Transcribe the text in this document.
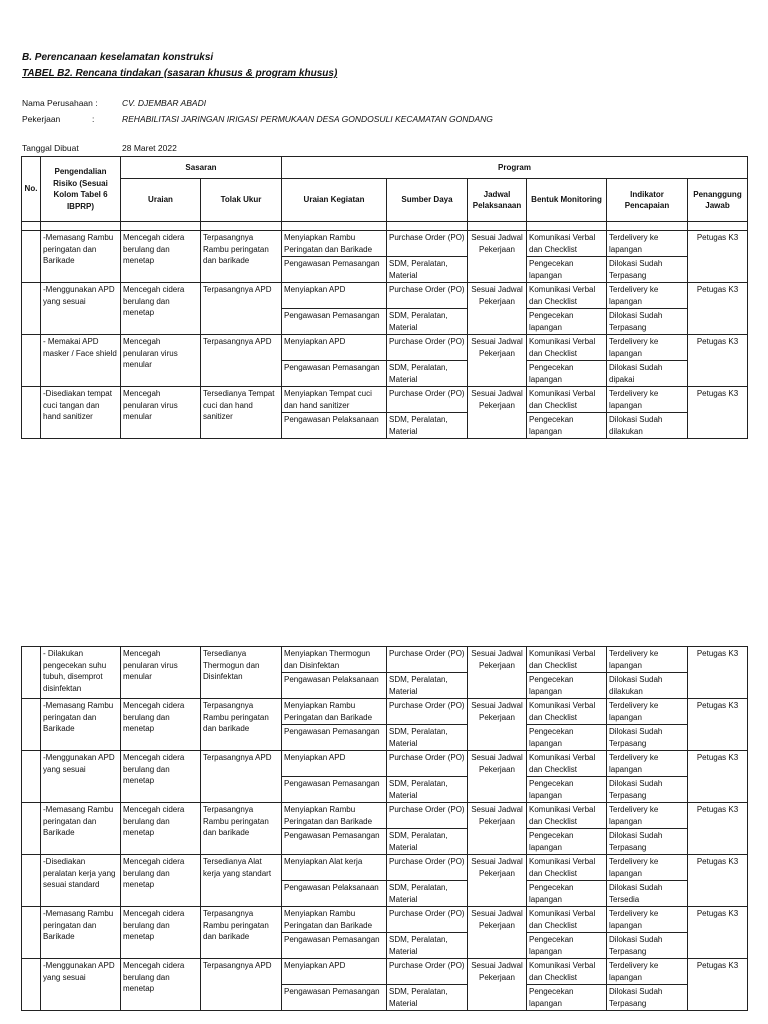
B. Perencanaan keselamatan konstruksi
TABEL B2. Rencana tindakan (sasaran khusus & program khusus)
Nama Perusahaan :	CV. DJEMBAR ABADI
Pekerjaan	:	REHABILITASI JARINGAN IRIGASI PERMUKAAN DESA GONDOSULI KECAMATAN GONDANG
Tanggal Dibuat	28 Maret 2022
No.	Pengendalian Risiko (Sesuai Kolom Tabel 6 IBPRP)	Sasaran		Program					
		Uraian	Tolak Ukur	Uraian Kegiatan	Sumber Daya	Jadwal Pelaksanaan	Bentuk Monitoring	Indikator Pencapaian	Penanggung Jawab

	-Memasang Rambu peringatan dan Barikade	Mencegah cidera berulang dan menetap	Terpasangnya Rambu peringatan dan barikade	Menyiapkan Rambu Peringatan dan Barikade	Purchase Order (PO)	Sesuai Jadwal Pekerjaan	Komunikasi Verbal dan Checklist	Terdelivery ke lapangan	Petugas K3
				Pengawasan Pemasangan	SDM, Peralatan, Material		Pengecekan lapangan	Dilokasi Sudah Terpasang	
	-Menggunakan APD yang sesuai	Mencegah cidera berulang dan menetap	Terpasangnya APD	Menyiapkan APD	Purchase Order (PO)	Sesuai Jadwal Pekerjaan	Komunikasi Verbal dan Checklist	Terdelivery ke lapangan	Petugas K3
				Pengawasan Pemasangan	SDM, Peralatan, Material		Pengecekan lapangan	Dilokasi Sudah Terpasang	
	- Memakai APD masker / Face shield	Mencegah penularan virus menular	Terpasangnya APD	Menyiapkan APD	Purchase Order (PO)	Sesuai Jadwal Pekerjaan	Komunikasi Verbal dan Checklist	Terdelivery ke lapangan	Petugas K3
				Pengawasan Pemasangan	SDM, Peralatan, Material		Pengecekan lapangan	Dilokasi Sudah dipakai	
	-Disediakan tempat cuci tangan dan hand sanitizer	Mencegah penularan virus menular	Tersedianya Tempat cuci dan hand sanitizer	Menyiapkan Tempat cuci dan hand sanitizer	Purchase Order (PO)	Sesuai Jadwal Pekerjaan	Komunikasi Verbal dan Checklist	Terdelivery ke lapangan	Petugas K3
				Pengawasan Pelaksanaan	SDM, Peralatan, Material		Pengecekan lapangan	Dilokasi Sudah dilakukan	
	- Dilakukan pengecekan suhu tubuh, disemprot disinfektan	Mencegah penularan virus menular	Tersedianya Thermogun dan Disinfektan	Menyiapkan Thermogun dan Disinfektan	Purchase Order (PO)	Sesuai Jadwal Pekerjaan	Komunikasi Verbal dan Checklist	Terdelivery ke lapangan	Petugas K3
				Pengawasan Pelaksanaan	SDM, Peralatan, Material		Pengecekan lapangan	Dilokasi Sudah dilakukan	
	-Memasang Rambu peringatan dan Barikade	Mencegah cidera berulang dan menetap	Terpasangnya Rambu peringatan dan barikade	Menyiapkan Rambu Peringatan dan Barikade	Purchase Order (PO)	Sesuai Jadwal Pekerjaan	Komunikasi Verbal dan Checklist	Terdelivery ke lapangan	Petugas K3
				Pengawasan Pemasangan	SDM, Peralatan, Material		Pengecekan lapangan	Dilokasi Sudah Terpasang	
	-Menggunakan APD yang sesuai	Mencegah cidera berulang dan menetap	Terpasangnya APD	Menyiapkan APD	Purchase Order (PO)	Sesuai Jadwal Pekerjaan	Komunikasi Verbal dan Checklist	Terdelivery ke lapangan	Petugas K3
				Pengawasan Pemasangan	SDM, Peralatan, Material		Pengecekan lapangan	Dilokasi Sudah Terpasang	
	-Memasang Rambu peringatan dan Barikade	Mencegah cidera berulang dan menetap	Terpasangnya Rambu peringatan dan barikade	Menyiapkan Rambu Peringatan dan Barikade	Purchase Order (PO)	Sesuai Jadwal Pekerjaan	Komunikasi Verbal dan Checklist	Terdelivery ke lapangan	Petugas K3
				Pengawasan Pemasangan	SDM, Peralatan, Material		Pengecekan lapangan	Dilokasi Sudah Terpasang	
	-Disediakan peralatan kerja yang sesuai standard	Mencegah cidera berulang dan menetap	Tersedianya Alat kerja yang standart	Menyiapkan Alat kerja	Purchase Order (PO)	Sesuai Jadwal Pekerjaan	Komunikasi Verbal dan Checklist	Terdelivery ke lapangan	Petugas K3
				Pengawasan Pelaksanaan	SDM, Peralatan, Material		Pengecekan lapangan	Dilokasi Sudah Tersedia	
	-Memasang Rambu peringatan dan Barikade	Mencegah cidera berulang dan menetap	Terpasangnya Rambu peringatan dan barikade	Menyiapkan Rambu Peringatan dan Barikade	Purchase Order (PO)	Sesuai Jadwal Pekerjaan	Komunikasi Verbal dan Checklist	Terdelivery ke lapangan	Petugas K3
				Pengawasan Pemasangan	SDM, Peralatan, Material		Pengecekan lapangan	Dilokasi Sudah Terpasang	
	-Menggunakan APD yang sesuai	Mencegah cidera berulang dan menetap	Terpasangnya APD	Menyiapkan APD	Purchase Order (PO)	Sesuai Jadwal Pekerjaan	Komunikasi Verbal dan Checklist	Terdelivery ke lapangan	Petugas K3
				Pengawasan Pemasangan	SDM, Peralatan, Material		Pengecekan lapangan	Dilokasi Sudah Terpasang	
